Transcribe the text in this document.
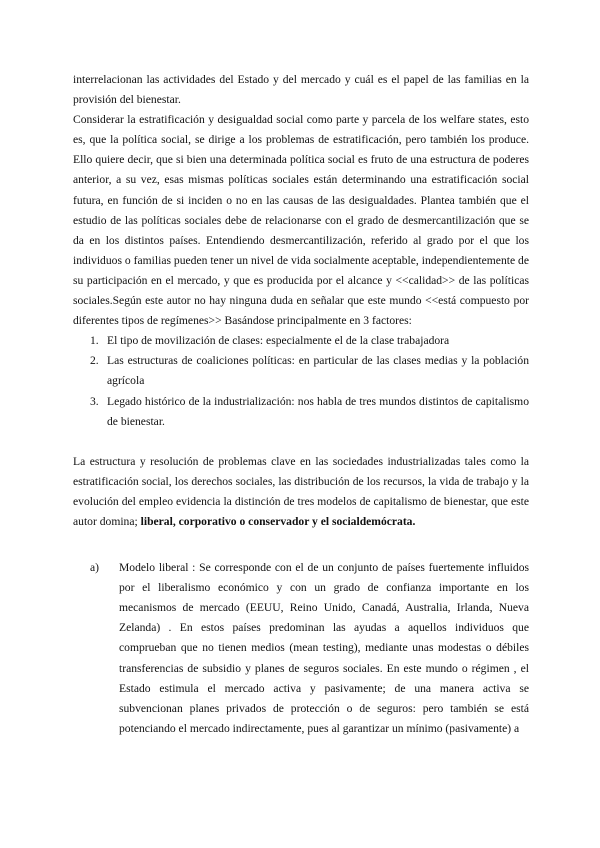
interrelacionan las actividades del Estado y del mercado y cuál es el papel de las familias en la provisión del bienestar.

Considerar la estratificación y desigualdad social como parte y parcela de los welfare states, esto es, que la política social, se dirige a los problemas de estratificación, pero también los produce. Ello quiere decir, que si bien una determinada política social es fruto de una estructura de poderes anterior, a su vez, esas mismas políticas sociales están determinando una estratificación social futura, en función de si inciden o no en las causas de las desigualdades. Plantea también que el estudio de las políticas sociales debe de relacionarse con el grado de desmercantilización que se da en los distintos países. Entendiendo desmercantilización, referido al grado por el que los individuos o familias pueden tener un nivel de vida socialmente aceptable, independientemente de su participación en el mercado, y que es producida por el alcance y <<calidad>> de las políticas sociales.Según este autor no hay ninguna duda en señalar que este mundo <<está compuesto por diferentes tipos de regímenes>> Basándose principalmente en 3 factores:

1. El tipo de movilización de clases: especialmente el de la clase trabajadora
2. Las estructuras de coaliciones políticas: en particular de las clases medias y la población agrícola
3. Legado histórico de la industrialización: nos habla de tres mundos distintos de capitalismo de bienestar.

La estructura y resolución de problemas clave en las sociedades industrializadas tales como la estratificación social, los derechos sociales, las distribución de los recursos, la vida de trabajo y la evolución del empleo evidencia la distinción de tres modelos de capitalismo de bienestar, que este autor domina; liberal, corporativo o conservador y el socialdemócrata.

a) Modelo liberal : Se corresponde con el de un conjunto de países fuertemente influidos por el liberalismo económico y con un grado de confianza importante en los mecanismos de mercado (EEUU, Reino Unido, Canadá, Australia, Irlanda, Nueva Zelanda) . En estos países predominan las ayudas a aquellos individuos que comprueban que no tienen medios (mean testing), mediante unas modestas o débiles transferencias de subsidio y planes de seguros sociales. En este mundo o régimen , el Estado estimula el mercado activa y pasivamente; de una manera activa se subvencionan planes privados de protección o de seguros: pero también se está potenciando el mercado indirectamente, pues al garantizar un mínimo (pasivamente) a
